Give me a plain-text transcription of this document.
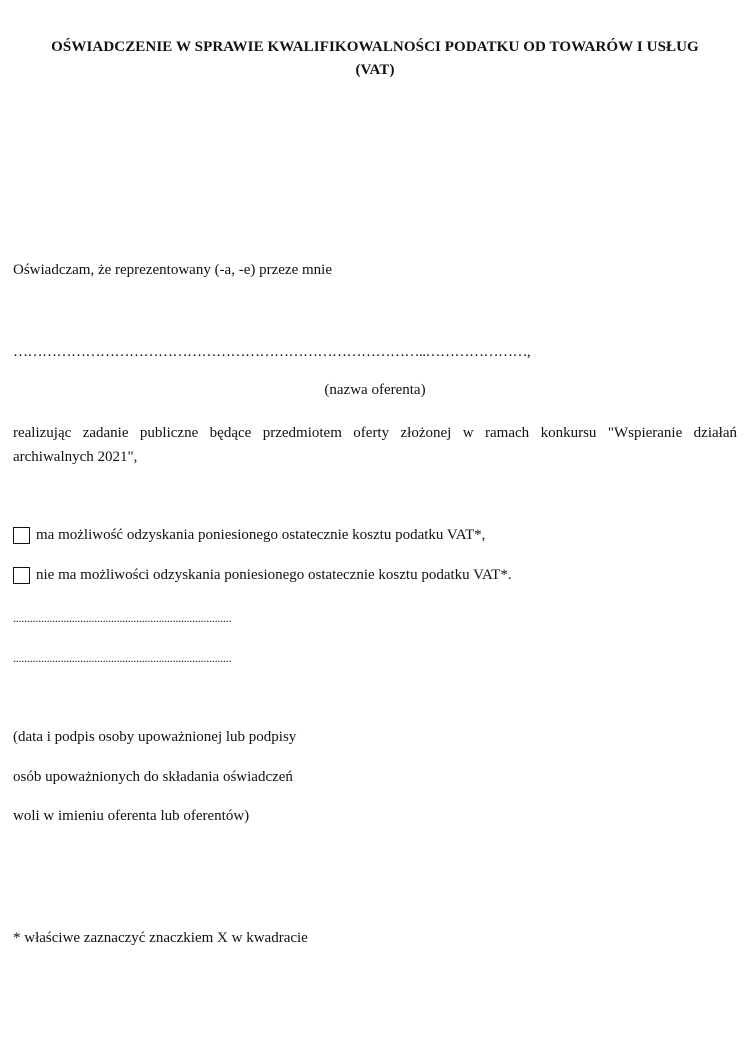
OŚWIADCZENIE W SPRAWIE KWALIFIKOWALNOŚCI PODATKU OD TOWARÓW I USŁUG
(VAT)
Oświadczam, że reprezentowany (-a, -e) przeze mnie
…………………………………………………………………………..…………………,
(nazwa oferenta)
realizując zadanie publiczne będące przedmiotem oferty złożonej w ramach konkursu "Wspieranie działań archiwalnych 2021",
ma możliwość odzyskania poniesionego ostatecznie kosztu podatku VAT*,
nie ma możliwości odzyskania poniesionego ostatecznie kosztu podatku VAT*.
..............................................................................
..............................................................................
(data i podpis osoby upoważnionej lub podpisy
osób upoważnionych do składania oświadczeń
woli w imieniu oferenta lub oferentów)
* właściwe zaznaczyć znaczkiem X w kwadracie
